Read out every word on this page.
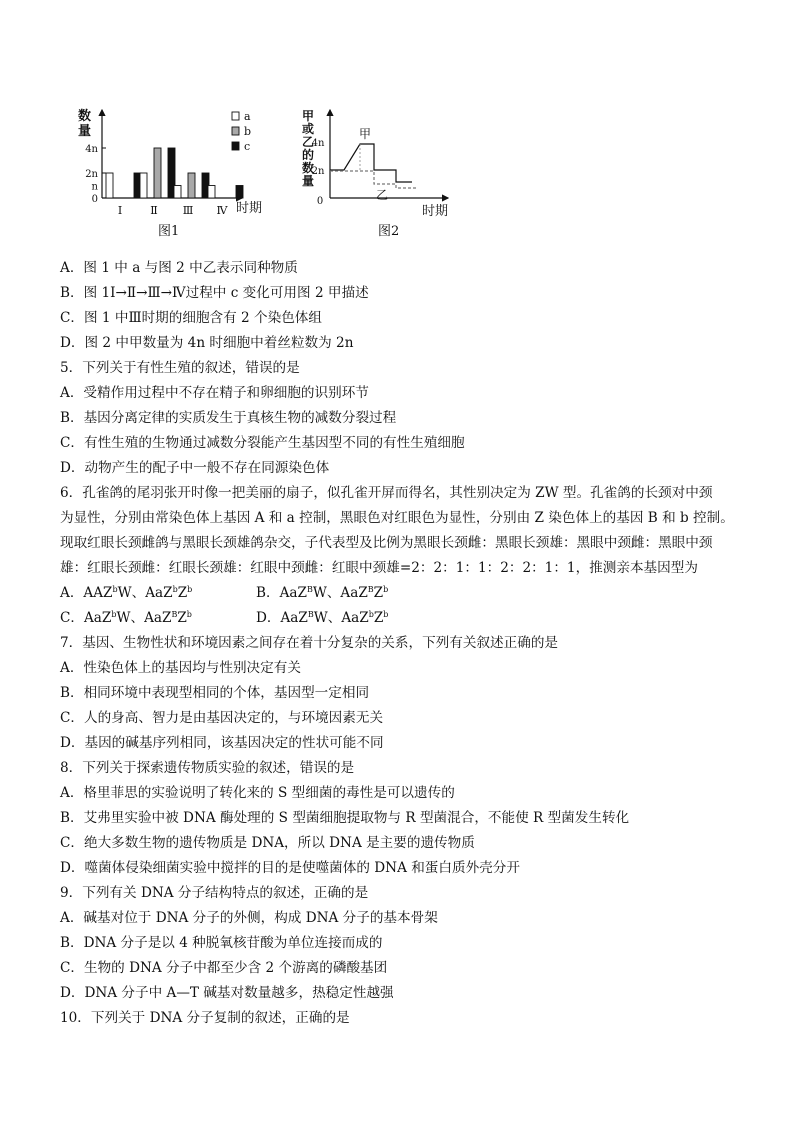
数
量
4n
2n
n
0
Ⅰ	Ⅱ Ⅲ Ⅳ 时期
a
b
c
图1
甲
或
乙
的
数
量
4n
2n
0
甲
乙
时期
图2
A．图 1 中 a 与图 2 中乙表示同种物质
B．图 1Ⅰ→Ⅱ→Ⅲ→Ⅳ过程中 c 变化可用图 2 甲描述
C．图 1 中Ⅲ时期的细胞含有 2 个染色体组
D．图 2 中甲数量为 4n 时细胞中着丝粒数为 2n
5．下列关于有性生殖的叙述，错误的是
A．受精作用过程中不存在精子和卵细胞的识别环节
B．基因分离定律的实质发生于真核生物的减数分裂过程
C．有性生殖的生物通过减数分裂能产生基因型不同的有性生殖细胞
D．动物产生的配子中一般不存在同源染色体
6．孔雀鸽的尾羽张开时像一把美丽的扇子，似孔雀开屏而得名，其性别决定为 ZW 型。孔雀鸽的长颈对中颈
为显性，分别由常染色体上基因 A 和 a 控制，黑眼色对红眼色为显性，分别由 Z 染色体上的基因 B 和 b 控制。
现取红眼长颈雌鸽与黑眼长颈雄鸽杂交，子代表型及比例为黑眼长颈雌：黑眼长颈雄：黑眼中颈雌：黑眼中颈
雄：红眼长颈雌：红眼长颈雄：红眼中颈雌：红眼中颈雄=2：2：1：1：2：2：1：1，推测亲本基因型为
A．AAZ$^b$W、$AaZ^bZ^b$	B．AaZ$^B$W、$AaZ^BZ^b$
C．AaZ$^b$W、$AaZ^BZ^b$	D．AaZ$^B$W、$AaZ^bZ^b$
7．基因、生物性状和环境因素之间存在着十分复杂的关系，下列有关叙述正确的是
A．性染色体上的基因均与性别决定有关
B．相同环境中表现型相同的个体，基因型一定相同
C．人的身高、智力是由基因决定的，与环境因素无关
D．基因的碱基序列相同，该基因决定的性状可能不同
8．下列关于探索遗传物质实验的叙述，错误的是
A．格里菲思的实验说明了转化来的 S 型细菌的毒性是可以遗传的
B．艾弗里实验中被 DNA 酶处理的 S 型菌细胞提取物与 R 型菌混合，不能使 R 型菌发生转化
C．绝大多数生物的遗传物质是 DNA，所以 DNA 是主要的遗传物质
D．噬菌体侵染细菌实验中搅拌的目的是使噬菌体的 DNA 和蛋白质外壳分开
9．下列有关 DNA 分子结构特点的叙述，正确的是
A．碱基对位于 DNA 分子的外侧，构成 DNA 分子的基本骨架
B．DNA 分子是以 4 种脱氧核苷酸为单位连接而成的
C．生物的 DNA 分子中都至少含 2 个游离的磷酸基团
D．DNA 分子中 A—T 碱基对数量越多，热稳定性越强
10．下列关于 DNA 分子复制的叙述，正确的是
